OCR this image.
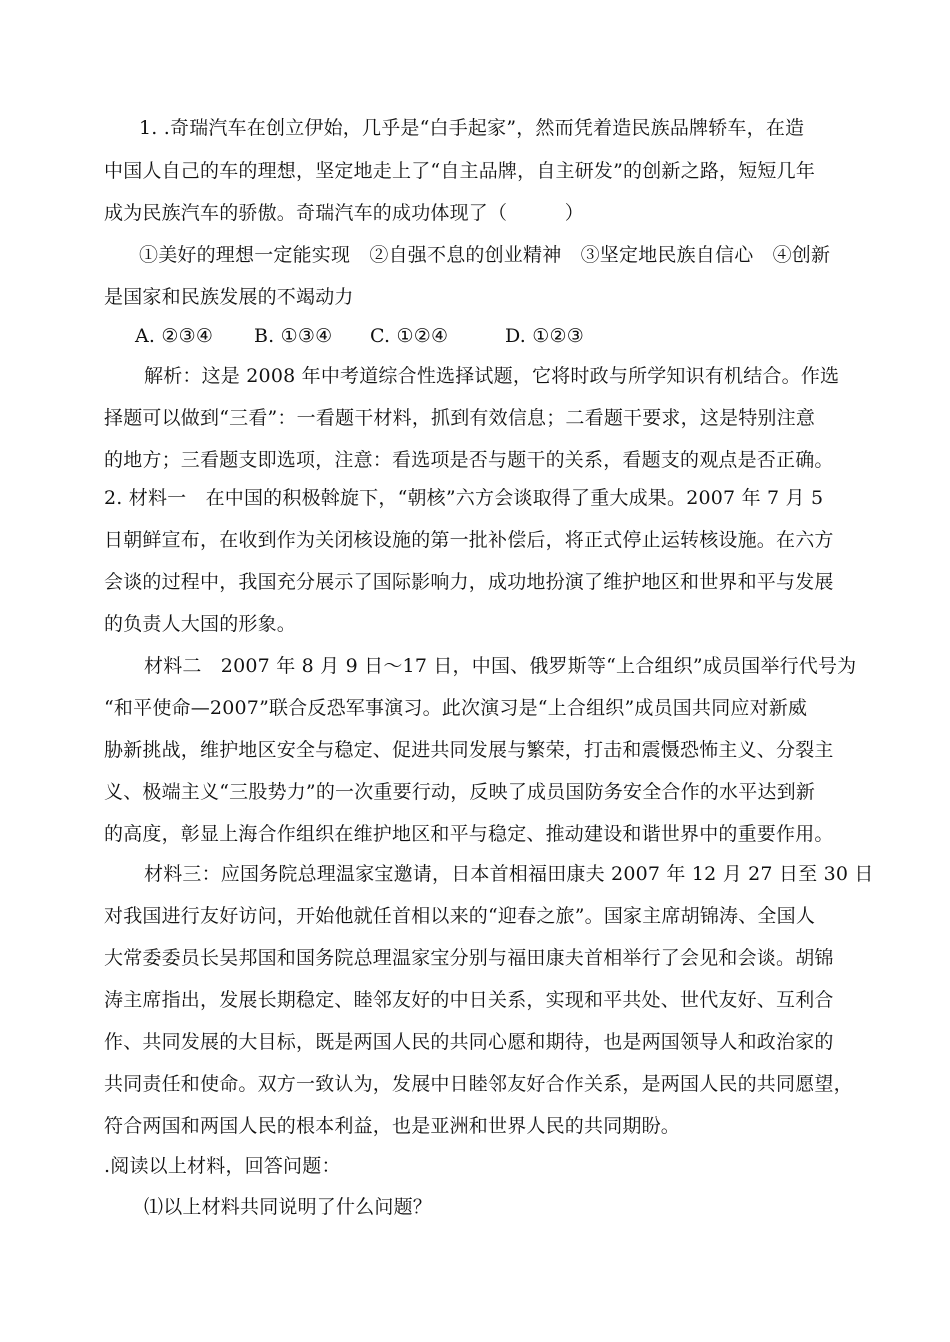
1. .奇瑞汽车在创立伊始，几乎是“白手起家”，然而凭着造民族品牌轿车，在造
中国人自己的车的理想，坚定地走上了“自主品牌，自主研发”的创新之路，短短几年
成为民族汽车的骄傲。奇瑞汽车的成功体现了（　　　）
①美好的理想一定能实现　②自强不息的创业精神　③坚定地民族自信心　④创新
是国家和民族发展的不竭动力
A. ②③④ B. ①③④ C. ①②④	D. ①②③
解析：这是 2008 年中考道综合性选择试题，它将时政与所学知识有机结合。作选
择题可以做到“三看”：一看题干材料，抓到有效信息；二看题干要求，这是特别注意
的地方；三看题支即选项，注意：看选项是否与题干的关系，看题支的观点是否正确。
2. 材料一　在中国的积极斡旋下，“朝核”六方会谈取得了重大成果。2007 年 7 月 5
日朝鲜宣布，在收到作为关闭核设施的第一批补偿后，将正式停止运转核设施。在六方
会谈的过程中，我国充分展示了国际影响力，成功地扮演了维护地区和世界和平与发展
的负责人大国的形象。
材料二　2007 年 8 月 9 日～17 日，中国、俄罗斯等“上合组织”成员国举行代号为
“和平使命—2007”联合反恐军事演习。此次演习是“上合组织”成员国共同应对新威
胁新挑战，维护地区安全与稳定、促进共同发展与繁荣，打击和震慑恐怖主义、分裂主
义、极端主义“三股势力”的一次重要行动，反映了成员国防务安全合作的水平达到新
的高度，彰显上海合作组织在维护地区和平与稳定、推动建设和谐世界中的重要作用。
材料三：应国务院总理温家宝邀请，日本首相福田康夫 2007 年 12 月 27 日至 30 日
对我国进行友好访问，开始他就任首相以来的“迎春之旅”。国家主席胡锦涛、全国人
大常委委员长吴邦国和国务院总理温家宝分别与福田康夫首相举行了会见和会谈。胡锦
涛主席指出，发展长期稳定、睦邻友好的中日关系，实现和平共处、世代友好、互利合
作、共同发展的大目标，既是两国人民的共同心愿和期待，也是两国领导人和政治家的
共同责任和使命。双方一致认为，发展中日睦邻友好合作关系，是两国人民的共同愿望，
符合两国和两国人民的根本利益，也是亚洲和世界人民的共同期盼。
.阅读以上材料，回答问题：
⑴以上材料共同说明了什么问题？
